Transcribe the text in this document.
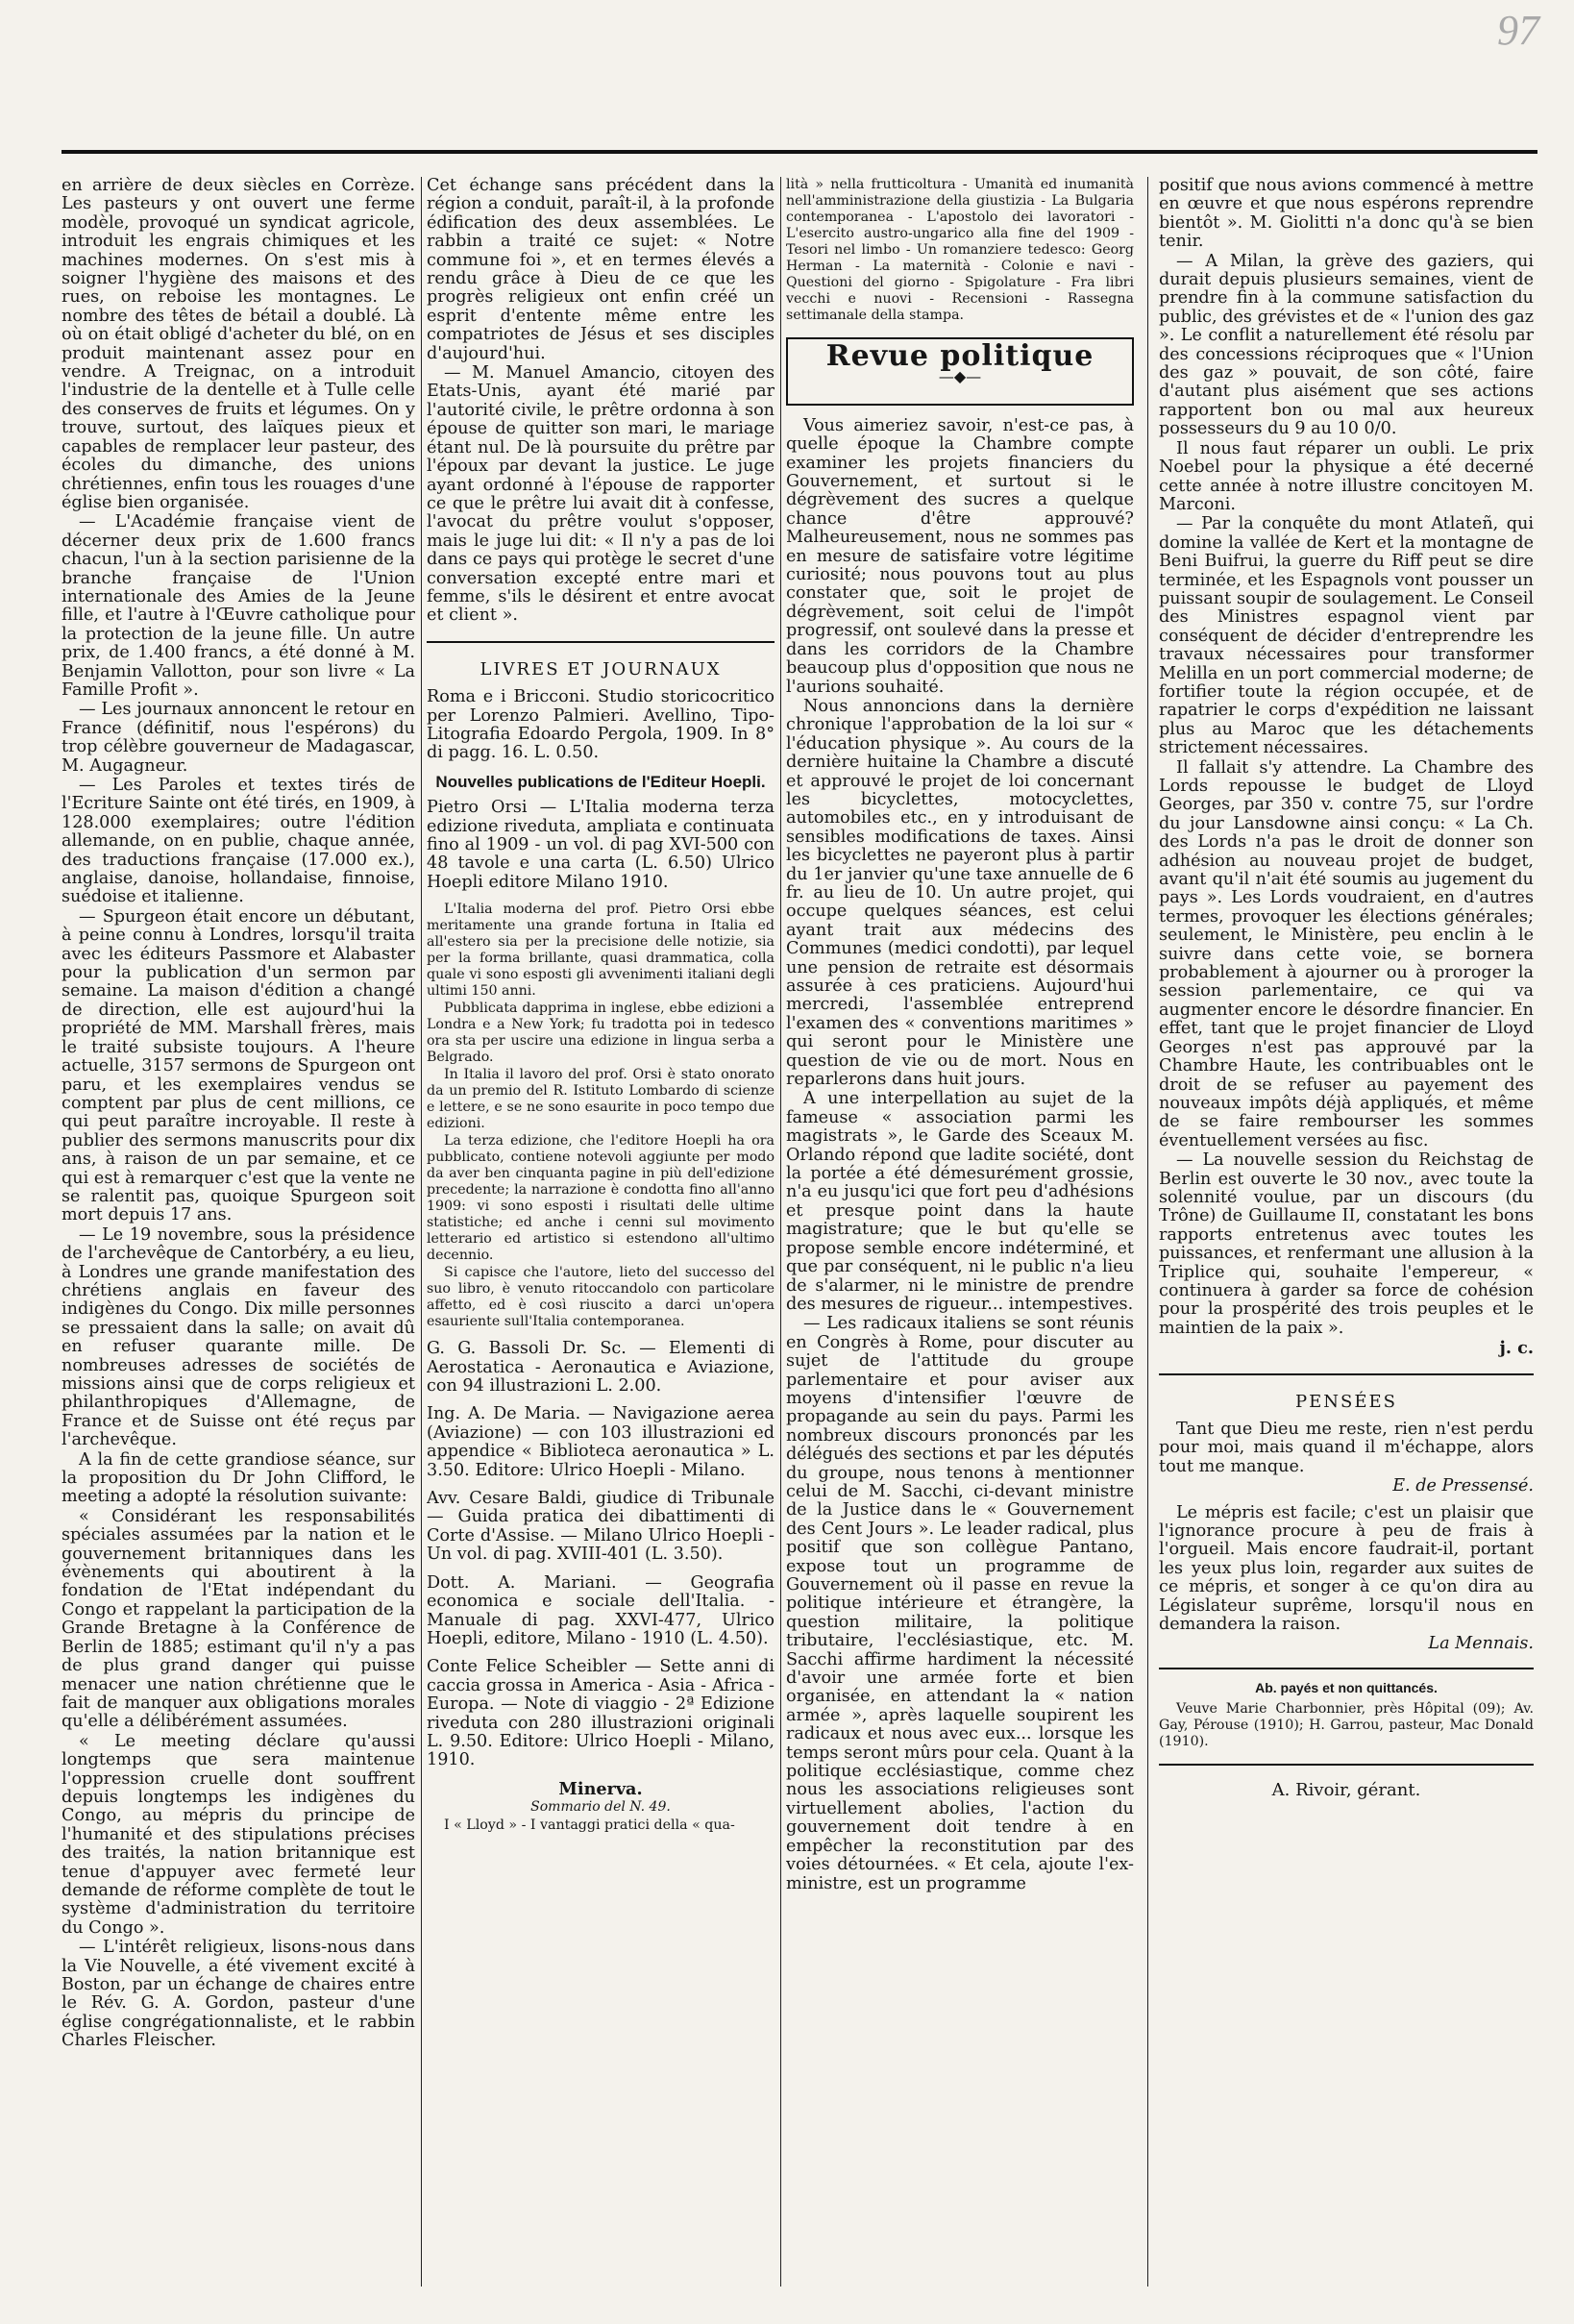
97

en arrière de deux siècles en Corrèze. Les pasteurs y ont ouvert une ferme modèle, provoqué un syndicat agricole, introduit les engrais chimiques et les machines modernes. On s'est mis à soigner l'hygiène des maisons et des rues, on reboise les montagnes. Le nombre des têtes de bétail a doublé. Là où on était obligé d'acheter du blé, on en produit maintenant assez pour en vendre. A Treignac, on a introduit l'industrie de la dentelle et à Tulle celle des conserves de fruits et légumes. On y trouve, surtout, des laïques pieux et capables de remplacer leur pasteur, des écoles du dimanche, des unions chrétiennes, enfin tous les rouages d'une église bien organisée.

— L'Académie française vient de décerner deux prix de 1.600 francs chacun, l'un à la section parisienne de la branche française de l'Union internationale des Amies de la Jeune fille, et l'autre à l'Œuvre catholique pour la protection de la jeune fille. Un autre prix, de 1.400 francs, a été donné à M. Benjamin Vallotton, pour son livre « La Famille Profit ».

— Les journaux annoncent le retour en France (définitif, nous l'espérons) du trop célèbre gouverneur de Madagascar, M. Augagneur.

— Les Paroles et textes tirés de l'Ecriture Sainte ont été tirés, en 1909, à 128.000 exemplaires; outre l'édition allemande, on en publie, chaque année, des traductions française (17.000 ex.), anglaise, danoise, hollandaise, finnoise, suédoise et italienne.

— Spurgeon était encore un débutant, à peine connu à Londres, lorsqu'il traita avec les éditeurs Passmore et Alabaster pour la publication d'un sermon par semaine. La maison d'édition a changé de direction, elle est aujourd'hui la propriété de MM. Marshall frères, mais le traité subsiste toujours. A l'heure actuelle, 3157 sermons de Spurgeon ont paru, et les exemplaires vendus se comptent par plus de cent millions, ce qui peut paraître incroyable. Il reste à publier des sermons manuscrits pour dix ans, à raison de un par semaine, et ce qui est à remarquer c'est que la vente ne se ralentit pas, quoique Spurgeon soit mort depuis 17 ans.

— Le 19 novembre, sous la présidence de l'archevêque de Cantorbéry, a eu lieu, à Londres une grande manifestation des chrétiens anglais en faveur des indigènes du Congo. Dix mille personnes se pressaient dans la salle; on avait dû en refuser quarante mille. De nombreuses adresses de sociétés de missions ainsi que de corps religieux et philanthropiques d'Allemagne, de France et de Suisse ont été reçus par l'archevêque.

A la fin de cette grandiose séance, sur la proposition du Dr John Clifford, le meeting a adopté la résolution suivante:

« Considérant les responsabilités spéciales assumées par la nation et le gouvernement britanniques dans les évènements qui aboutirent à la fondation de l'Etat indépendant du Congo et rappelant la participation de la Grande Bretagne à la Conférence de Berlin de 1885; estimant qu'il n'y a pas de plus grand danger qui puisse menacer une nation chrétienne que le fait de manquer aux obligations morales qu'elle a délibérément assumées.

« Le meeting déclare qu'aussi longtemps que sera maintenue l'oppression cruelle dont souffrent depuis longtemps les indigènes du Congo, au mépris du principe de l'humanité et des stipulations précises des traités, la nation britannique est tenue d'appuyer avec fermeté leur demande de réforme complète de tout le système d'administration du territoire du Congo ».

— L'intérêt religieux, lisons-nous dans la Vie Nouvelle, a été vivement excité à Boston, par un échange de chaires entre le Rév. G. A. Gordon, pasteur d'une église congrégationnaliste, et le rabbin Charles Fleischer.

Cet échange sans précédent dans la région a conduit, paraît-il, à la profonde édification des deux assemblées. Le rabbin a traité ce sujet: « Notre commune foi », et en termes élevés a rendu grâce à Dieu de ce que les progrès religieux ont enfin créé un esprit d'entente même entre les compatriotes de Jésus et ses disciples d'aujourd'hui.

— M. Manuel Amancio, citoyen des Etats-Unis, ayant été marié par l'autorité civile, le prêtre ordonna à son épouse de quitter son mari, le mariage étant nul. De là poursuite du prêtre par l'époux par devant la justice. Le juge ayant ordonné à l'épouse de rapporter ce que le prêtre lui avait dit à confesse, l'avocat du prêtre voulut s'opposer, mais le juge lui dit: « Il n'y a pas de loi dans ce pays qui protège le secret d'une conversation excepté entre mari et femme, s'ils le désirent et entre avocat et client ».

LIVRES ET JOURNAUX

Roma e i Bricconi. Studio storicocritico per Lorenzo Palmieri. Avellino, Tipo-Litografia Edoardo Pergola, 1909. In 8° di pagg. 16. L. 0.50.

Nouvelles publications de l'Editeur Hoepli.

Pietro Orsi — L'Italia moderna terza edizione riveduta, ampliata e continuata fino al 1909 - un vol. di pag XVI-500 con 48 tavole e una carta (L. 6.50) Ulrico Hoepli editore Milano 1910.

L'Italia moderna del prof. Pietro Orsi ebbe meritamente una grande fortuna in Italia ed all'estero sia per la precisione delle notizie, sia per la forma brillante, quasi drammatica, colla quale vi sono esposti gli avvenimenti italiani degli ultimi 150 anni.

Pubblicata dapprima in inglese, ebbe edizioni a Londra e a New York; fu tradotta poi in tedesco ora sta per uscire una edizione in lingua serba a Belgrado.

In Italia il lavoro del prof. Orsi è stato onorato da un premio del R. Istituto Lombardo di scienze e lettere, e se ne sono esaurite in poco tempo due edizioni.

La terza edizione, che l'editore Hoepli ha ora pubblicato, contiene notevoli aggiunte per modo da aver ben cinquanta pagine in più dell'edizione precedente; la narrazione è condotta fino all'anno 1909: vi sono esposti i risultati delle ultime statistiche; ed anche i cenni sul movimento letterario ed artistico si estendono all'ultimo decennio.

Si capisce che l'autore, lieto del successo del suo libro, è venuto ritoccandolo con particolare affetto, ed è così riuscito a darci un'opera esauriente sull'Italia contemporanea.

G. G. Bassoli Dr. Sc. — Elementi di Aerostatica - Aeronautica e Aviazione, con 94 illustrazioni L. 2.00.

Ing. A. De Maria. — Navigazione aerea (Aviazione) — con 103 illustrazioni ed appendice « Biblioteca aeronautica » L. 3.50. Editore: Ulrico Hoepli - Milano.

Avv. Cesare Baldi, giudice di Tribunale — Guida pratica dei dibattimenti di Corte d'Assise. — Milano Ulrico Hoepli - Un vol. di pag. XVIII-401 (L. 3.50).

Dott. A. Mariani. — Geografia economica e sociale dell'Italia. - Manuale di pag. XXVI-477, Ulrico Hoepli, editore, Milano - 1910 (L. 4.50).

Conte Felice Scheibler — Sette anni di caccia grossa in America - Asia - Africa - Europa. — Note di viaggio - 2ª Edizione riveduta con 280 illustrazioni originali L. 9.50. Editore: Ulrico Hoepli - Milano, 1910.

Minerva.
Sommario del N. 49.

I « Lloyd » - I vantaggi pratici della « qua-

lità » nella frutticoltura - Umanità ed inumanità nell'amministrazione della giustizia - La Bulgaria contemporanea - L'apostolo dei lavoratori - L'esercito austro-ungarico alla fine del 1909 - Tesori nel limbo - Un romanziere tedesco: Georg Herman - La maternità - Colonie e navi - Questioni del giorno - Spigolature - Fra libri vecchi e nuovi - Recensioni - Rassegna settimanale della stampa.

Revue politique
—◆—

Vous aimeriez savoir, n'est-ce pas, à quelle époque la Chambre compte examiner les projets financiers du Gouvernement, et surtout si le dégrèvement des sucres a quelque chance d'être approuvé? Malheureusement, nous ne sommes pas en mesure de satisfaire votre légitime curiosité; nous pouvons tout au plus constater que, soit le projet de dégrèvement, soit celui de l'impôt progressif, ont soulevé dans la presse et dans les corridors de la Chambre beaucoup plus d'opposition que nous ne l'aurions souhaité.

Nous annoncions dans la dernière chronique l'approbation de la loi sur « l'éducation physique ». Au cours de la dernière huitaine la Chambre a discuté et approuvé le projet de loi concernant les bicyclettes, motocyclettes, automobiles etc., en y introduisant de sensibles modifications de taxes. Ainsi les bicyclettes ne payeront plus à partir du 1er janvier qu'une taxe annuelle de 6 fr. au lieu de 10. Un autre projet, qui occupe quelques séances, est celui ayant trait aux médecins des Communes (medici condotti), par lequel une pension de retraite est désormais assurée à ces praticiens. Aujourd'hui mercredi, l'assemblée entreprend l'examen des « conventions maritimes » qui seront pour le Ministère une question de vie ou de mort. Nous en reparlerons dans huit jours.

A une interpellation au sujet de la fameuse « association parmi les magistrats », le Garde des Sceaux M. Orlando répond que ladite société, dont la portée a été démesurément grossie, n'a eu jusqu'ici que fort peu d'adhésions et presque point dans la haute magistrature; que le but qu'elle se propose semble encore indéterminé, et que par conséquent, ni le public n'a lieu de s'alarmer, ni le ministre de prendre des mesures de rigueur... intempestives.

— Les radicaux italiens se sont réunis en Congrès à Rome, pour discuter au sujet de l'attitude du groupe parlementaire et pour aviser aux moyens d'intensifier l'œuvre de propagande au sein du pays. Parmi les nombreux discours prononcés par les délégués des sections et par les députés du groupe, nous tenons à mentionner celui de M. Sacchi, ci-devant ministre de la Justice dans le « Gouvernement des Cent Jours ». Le leader radical, plus positif que son collègue Pantano, expose tout un programme de Gouvernement où il passe en revue la politique intérieure et étrangère, la question militaire, la politique tributaire, l'ecclésiastique, etc. M. Sacchi affirme hardiment la nécessité d'avoir une armée forte et bien organisée, en attendant la « nation armée », après laquelle soupirent les radicaux et nous avec eux... lorsque les temps seront mûrs pour cela. Quant à la politique ecclésiastique, comme chez nous les associations religieuses sont virtuellement abolies, l'action du gouvernement doit tendre à en empêcher la reconstitution par des voies détournées. « Et cela, ajoute l'ex-ministre, est un programme

positif que nous avions commencé à mettre en œuvre et que nous espérons reprendre bientôt ». M. Giolitti n'a donc qu'à se bien tenir.

— A Milan, la grève des gaziers, qui durait depuis plusieurs semaines, vient de prendre fin à la commune satisfaction du public, des grévistes et de « l'union des gaz ». Le conflit a naturellement été résolu par des concessions réciproques que « l'Union des gaz » pouvait, de son côté, faire d'autant plus aisément que ses actions rapportent bon ou mal aux heureux possesseurs du 9 au 10 0/0.

Il nous faut réparer un oubli. Le prix Noebel pour la physique a été decerné cette année à notre illustre concitoyen M. Marconi.

— Par la conquête du mont Atlateñ, qui domine la vallée de Kert et la montagne de Beni Buifrui, la guerre du Riff peut se dire terminée, et les Espagnols vont pousser un puissant soupir de soulagement. Le Conseil des Ministres espagnol vient par conséquent de décider d'entreprendre les travaux nécessaires pour transformer Melilla en un port commercial moderne; de fortifier toute la région occupée, et de rapatrier le corps d'expédition ne laissant plus au Maroc que les détachements strictement nécessaires.

Il fallait s'y attendre. La Chambre des Lords repousse le budget de Lloyd Georges, par 350 v. contre 75, sur l'ordre du jour Lansdowne ainsi conçu: « La Ch. des Lords n'a pas le droit de donner son adhésion au nouveau projet de budget, avant qu'il n'ait été soumis au jugement du pays ». Les Lords voudraient, en d'autres termes, provoquer les élections générales; seulement, le Ministère, peu enclin à le suivre dans cette voie, se bornera probablement à ajourner ou à proroger la session parlementaire, ce qui va augmenter encore le désordre financier. En effet, tant que le projet financier de Lloyd Georges n'est pas approuvé par la Chambre Haute, les contribuables ont le droit de se refuser au payement des nouveaux impôts déjà appliqués, et même de se faire rembourser les sommes éventuellement versées au fisc.

— La nouvelle session du Reichstag de Berlin est ouverte le 30 nov., avec toute la solennité voulue, par un discours (du Trône) de Guillaume II, constatant les bons rapports entretenus avec toutes les puissances, et renfermant une allusion à la Triplice qui, souhaite l'empereur, « continuera à garder sa force de cohésion pour la prospérité des trois peuples et le maintien de la paix ».

j. c.
PENSÉES

Tant que Dieu me reste, rien n'est perdu pour moi, mais quand il m'échappe, alors tout me manque.

E. de Pressensé.

Le mépris est facile; c'est un plaisir que l'ignorance procure à peu de frais à l'orgueil. Mais encore faudrait-il, portant les yeux plus loin, regarder aux suites de ce mépris, et songer à ce qu'on dira au Législateur suprême, lorsqu'il nous en demandera la raison.

La Mennais.
Ab. payés et non quittancés.

Veuve Marie Charbonnier, près Hôpital (09); Av. Gay, Pérouse (1910); H. Garrou, pasteur, Mac Donald (1910).

A. Rivoir, gérant.
